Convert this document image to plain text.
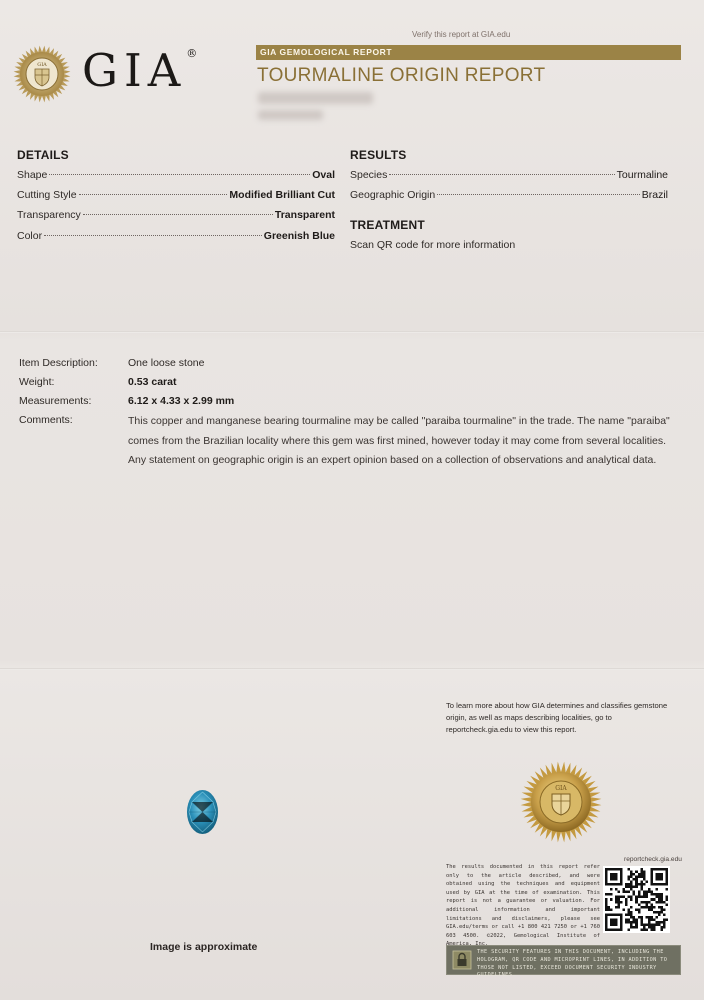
GIA GIA®
Verify this report at GIA.edu
GIA GEMOLOGICAL REPORT
TOURMALINE ORIGIN REPORT
DETAILS
Shape	Oval
Cutting Style	Modified Brilliant Cut
Transparency	Transparent
Color	Greenish Blue
RESULTS
Species	Tourmaline
Geographic Origin	Brazil
TREATMENT
Scan QR code for more information
Item Description:	One loose stone
Weight:	0.53 carat
Measurements:	6.12 x 4.33 x 2.99 mm
Comments:	This copper and manganese bearing tourmaline may be called "paraiba tourmaline" in the trade. The name "paraiba" comes from the Brazilian locality where this gem was first mined, however today it may come from several localities.

Any statement on geographic origin is an expert opinion based on a collection of observations and analytical data.

To learn more about how GIA determines and classifies gemstone origin, as well as maps describing localities, go to reportcheck.gia.edu to view this report.
GIA
Image is approximate
The results documented in this report refer only to the article described, and were obtained using the techniques and equipment used by GIA at the time of examination. This report is not a guarantee or valuation. For additional information and important limitations and disclaimers, please see GIA.edu/terms or call +1 800 421 7250 or +1 760 603 4500. ©2022, Gemological Institute of
reportcheck.gia.edu
THE SECURITY FEATURES IN THIS DOCUMENT, INCLUDING THE HOLOGRAM, QR CODE AND MICROPRINT LINES, IN ADDITION TO THOSE NOT LISTED, EXCEED DOCUMENT SECURITY INDUSTRY GUIDELINES.
